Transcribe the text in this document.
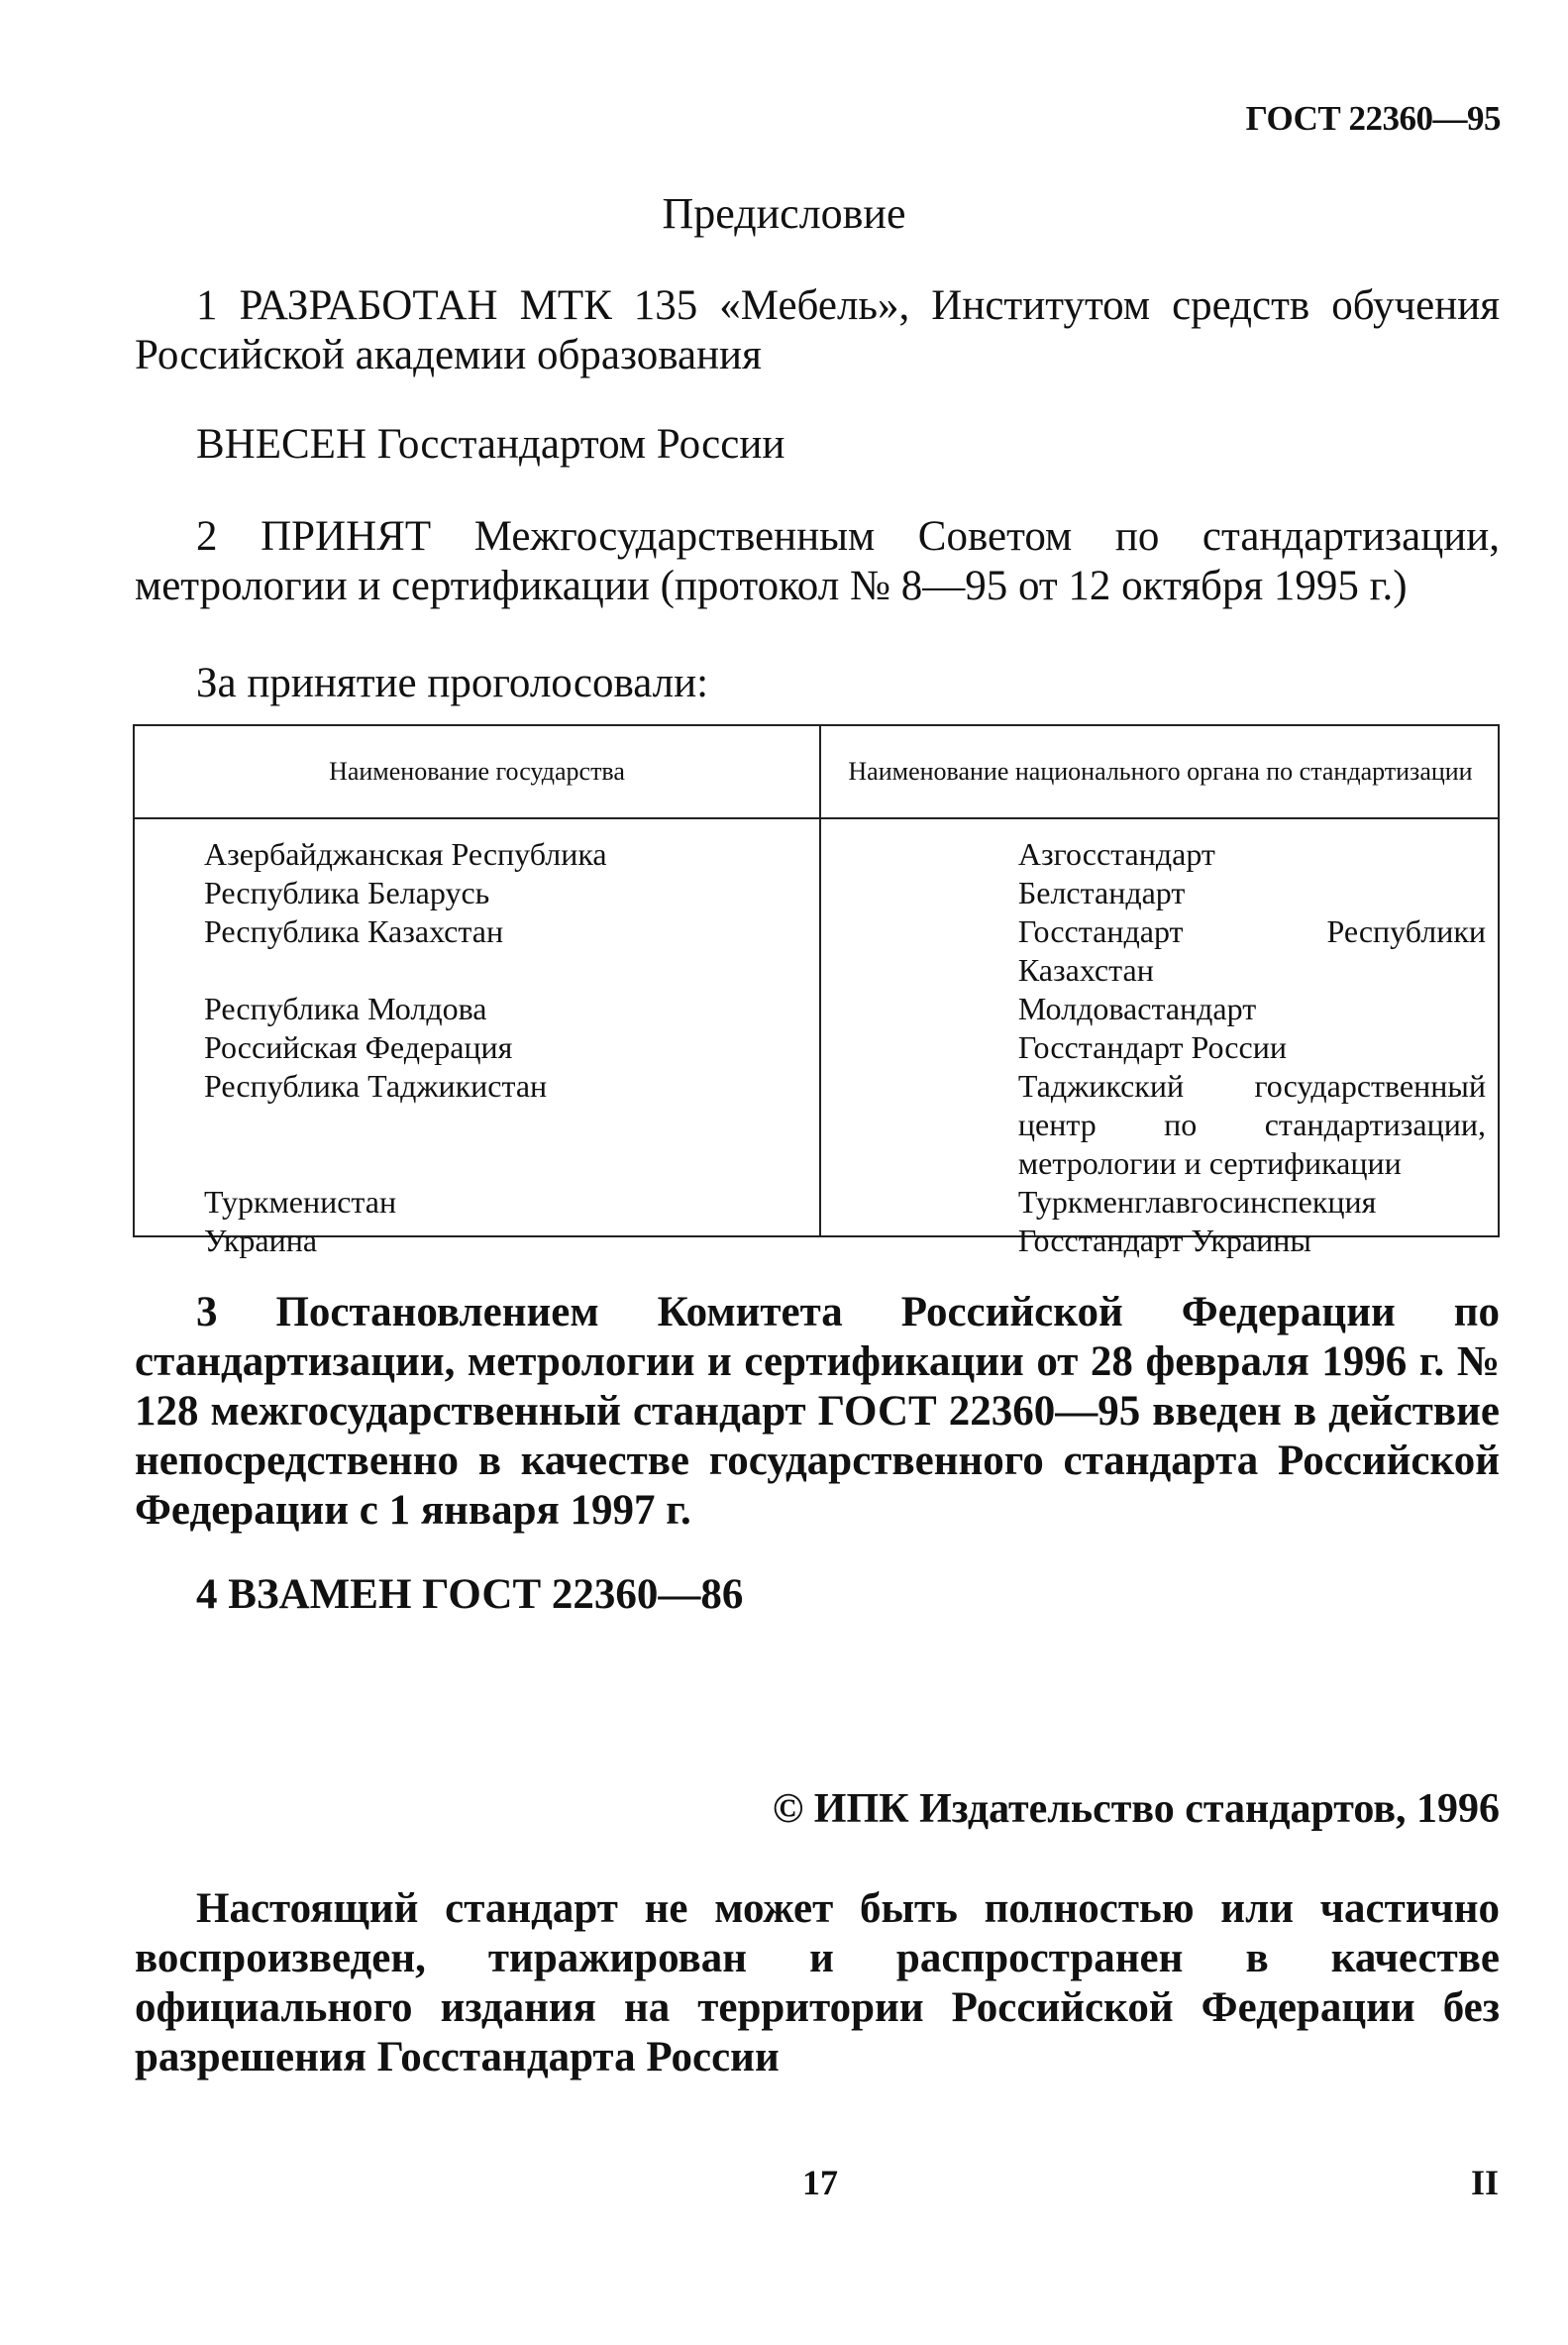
ГОСТ 22360—95
Предисловие
1 РАЗРАБОТАН МТК 135 «Мебель», Институтом средств обучения Российской академии образования
ВНЕСЕН Госстандартом России
2 ПРИНЯТ Межгосударственным Советом по стандартизации, метрологии и сертификации (протокол № 8—95 от 12 октября 1995 г.)
За принятие проголосовали:
Наименование государства	Наименование национального органа по стандартизации
Азербайджанская Республика	Азгосстандарт
Республика Беларусь	Белстандарт
Республика Казахстан	Госстандарт Республики Казахстан
Республика Молдова	Молдовастандарт
Российская Федерация	Госстандарт России
Республика Таджикистан	Таджикский государственный центр по стандартизации, метрологии и сертификации
Туркменистан	Туркменглавгосинспекция
Украина	Госстандарт Украины
3 Постановлением Комитета Российской Федерации по стандартизации, метрологии и сертификации от 28 февраля 1996 г. № 128 межгосударственный стандарт ГОСТ 22360—95 введен в действие непосредственно в качестве государственного стандарта Российской Федерации с 1 января 1997 г.
4 ВЗАМЕН ГОСТ 22360—86
© ИПК Издательство стандартов, 1996
Настоящий стандарт не может быть полностью или частично воспроизведен, тиражирован и распространен в качестве официального издания на территории Российской Федерации без разрешения Госстандарта России
17	II
